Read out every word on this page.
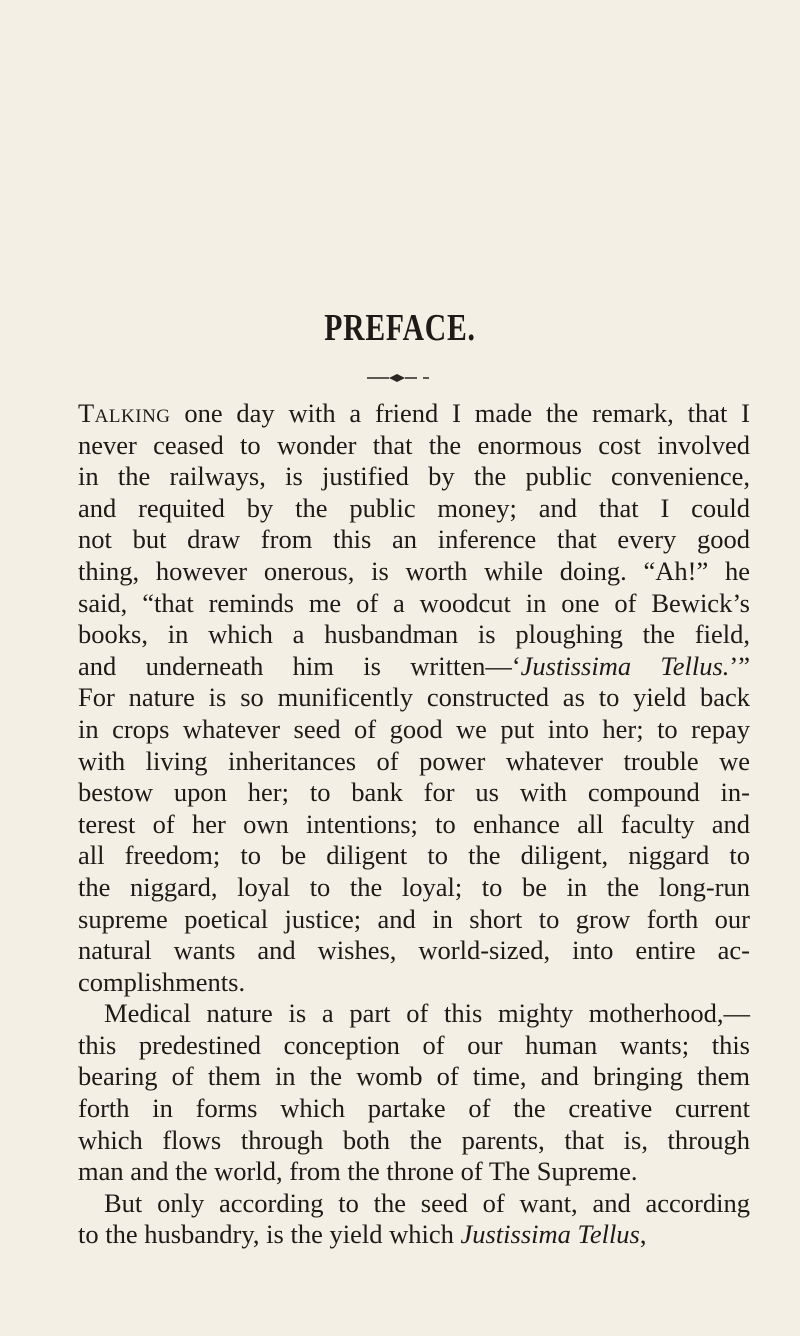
PREFACE.
Talking one day with a friend I made the remark, that I
never ceased to wonder that the enormous cost involved
in the railways, is justified by the public convenience,
and requited by the public money; and that I could
not but draw from this an inference that every good
thing, however onerous, is worth while doing. “Ah!” he
said, “that reminds me of a woodcut in one of Bewick’s
books, in which a husbandman is ploughing the field,
and underneath him is written—‘Justissima Tellus.’”
For nature is so munificently constructed as to yield back
in crops whatever seed of good we put into her; to repay
with living inheritances of power whatever trouble we
bestow upon her; to bank for us with compound in-
terest of her own intentions; to enhance all faculty and
all freedom; to be diligent to the diligent, niggard to
the niggard, loyal to the loyal; to be in the long-run
supreme poetical justice; and in short to grow forth our
natural wants and wishes, world-sized, into entire ac-
complishments.
Medical nature is a part of this mighty motherhood,—
this predestined conception of our human wants; this
bearing of them in the womb of time, and bringing them
forth in forms which partake of the creative current
which flows through both the parents, that is, through
man and the world, from the throne of The Supreme.
But only according to the seed of want, and according
to the husbandry, is the yield which Justissima Tellus,
